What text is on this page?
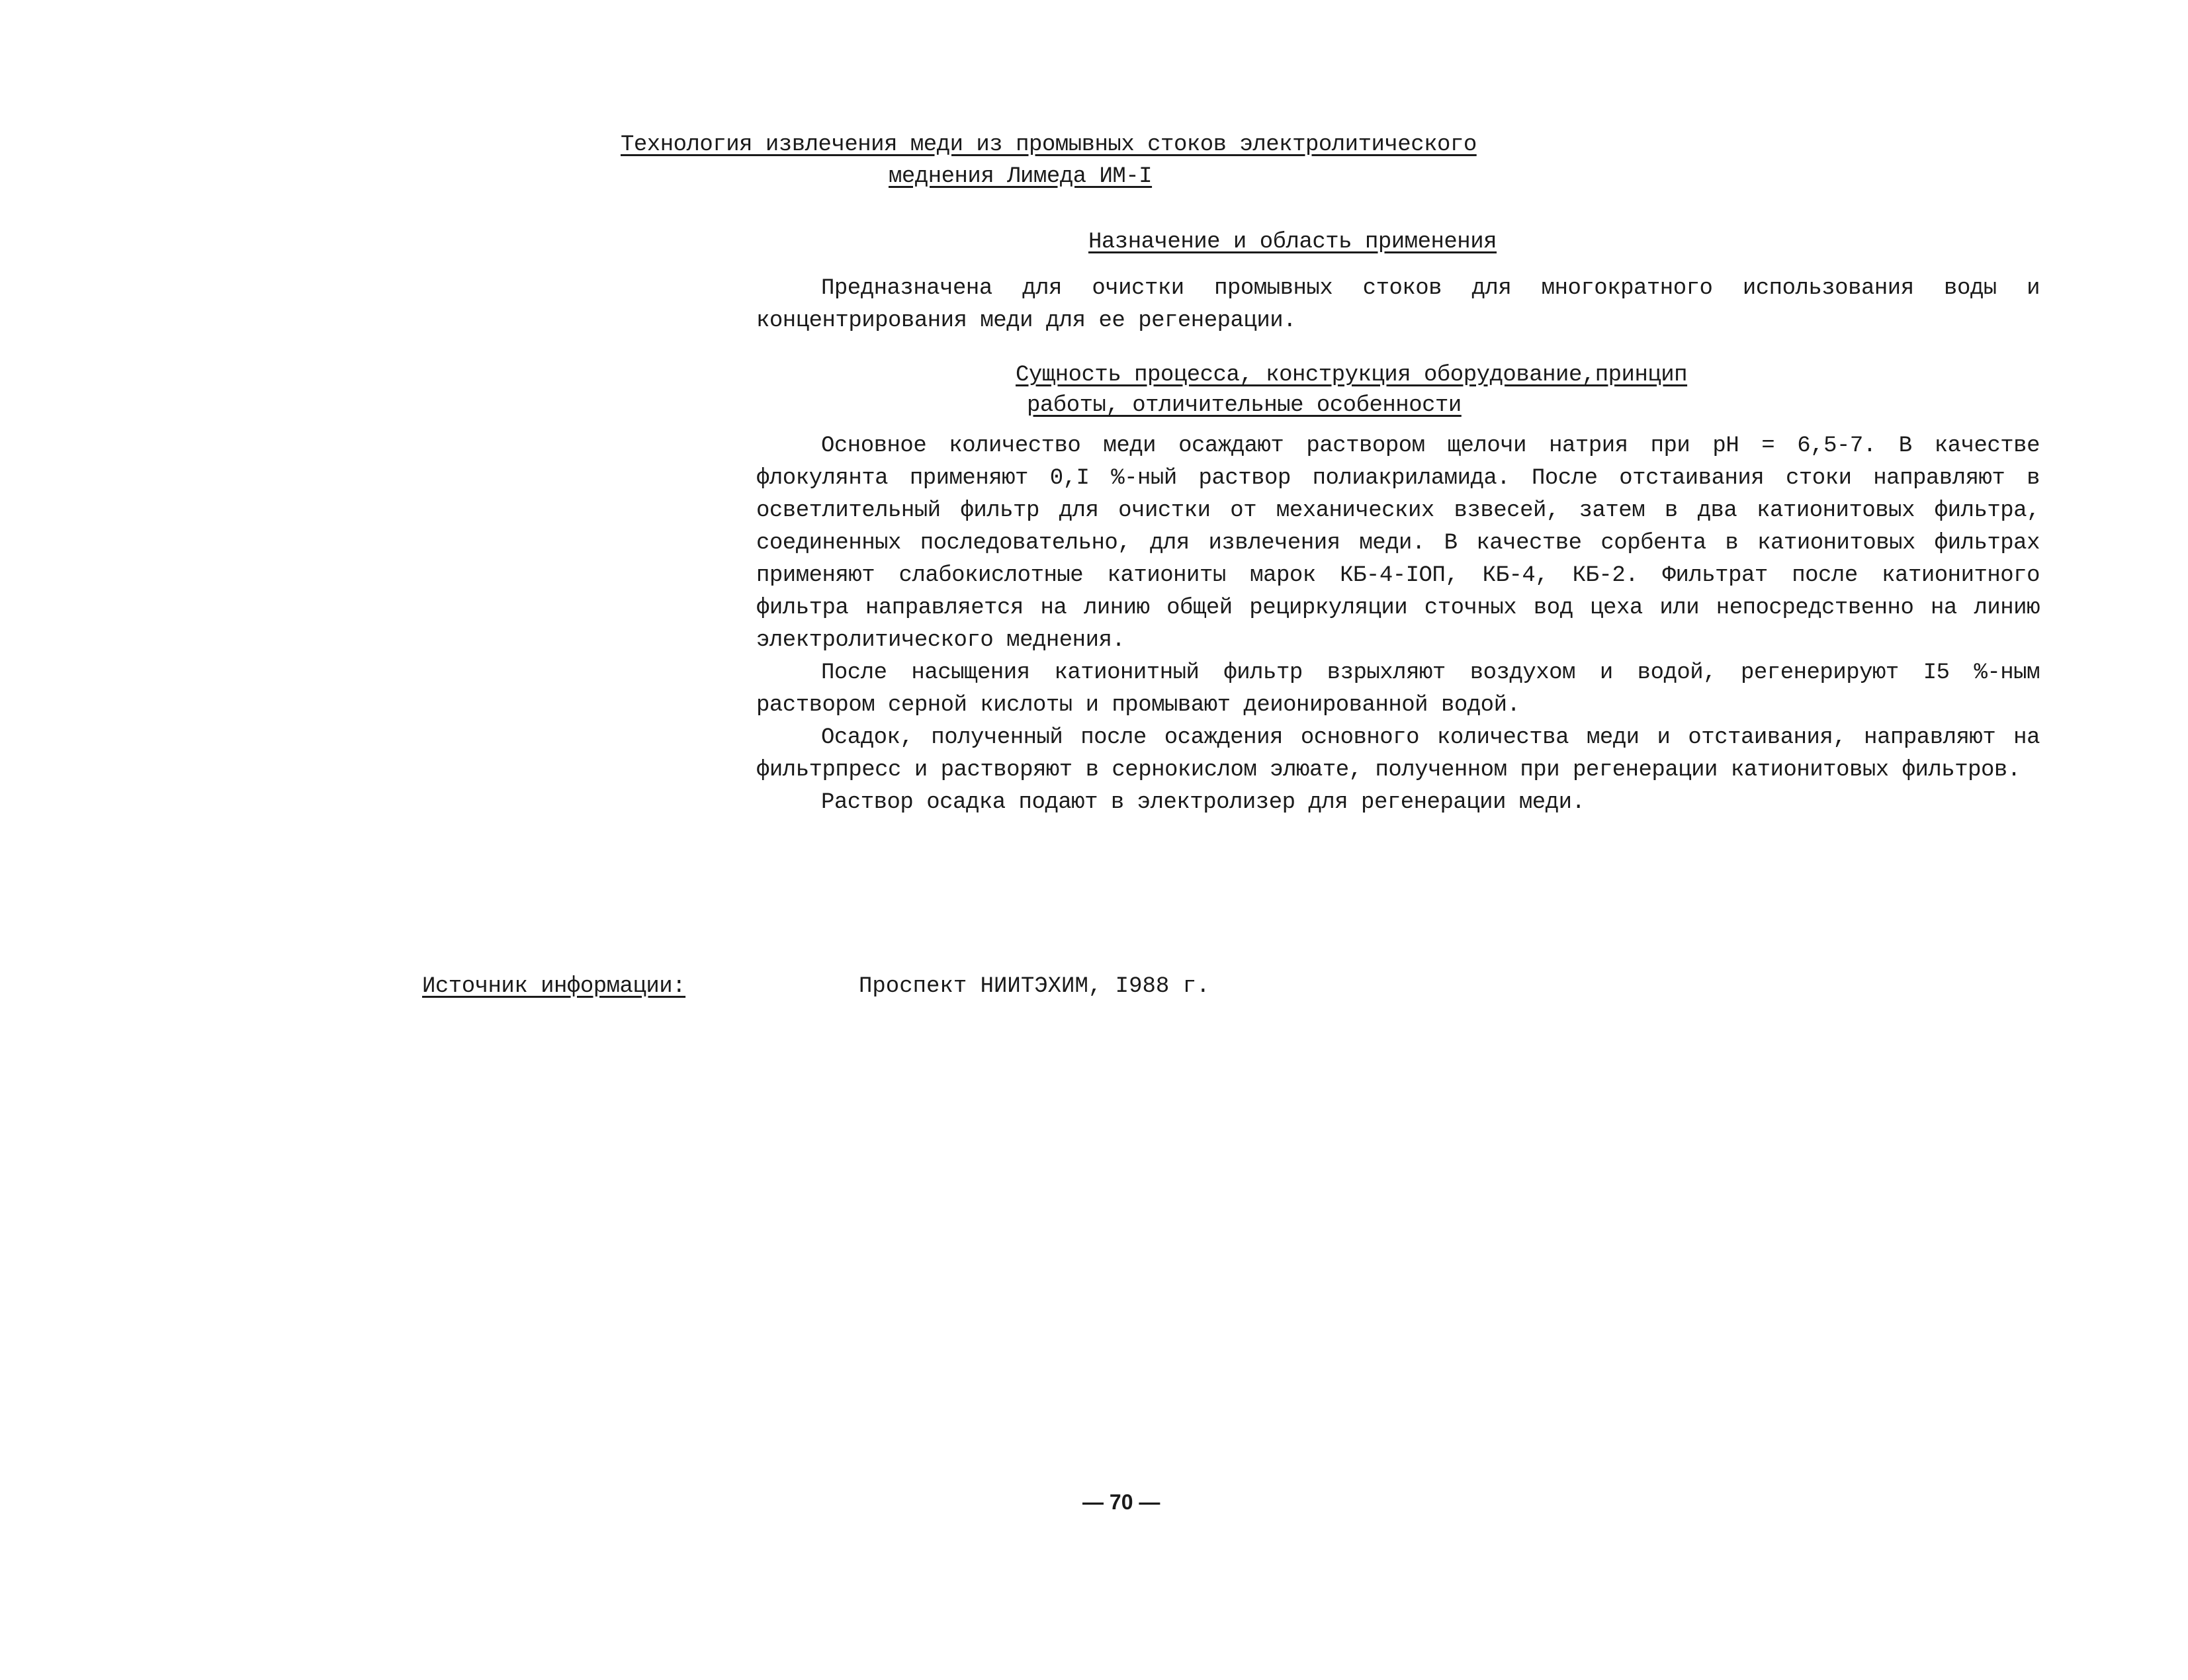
Технология извлечения меди из промывных стоков электролитического
меднения Лимеда ИМ-I
Назначение и область применения

Предназначена для очистки промывных стоков для многократного использования воды и концентрирования меди для ее регенерации.

Сущность процесса, конструкция оборудование,принцип
работы, отличительные особенности

Основное количество меди осаждают раствором щелочи натрия при pH = 6,5-7. В качестве флокулянта применяют 0,I %-ный раствор полиакриламида. После отстаивания стоки направляют в осветлительный фильтр для очистки от механических взвесей, затем в два катионитовых фильтра, соединенных последовательно, для извлечения меди. В качестве сорбента в катионитовых фильтрах применяют слабокислотные катиониты марок КБ-4-IОП, КБ-4, КБ-2. Фильтрат после катионитного фильтра направляется на линию общей рециркуляции сточных вод цеха или непосредственно на линию электролитического меднения.

После насыщения катионитный фильтр взрыхляют воздухом и водой, регенерируют I5 %-ным раствором серной кислоты и промывают деионированной водой.

Осадок, полученный после осаждения основного количества меди и отстаивания, направляют на фильтрпресс и растворяют в сернокислом элюате, полученном при регенерации катионитовых фильтров.

Раствор осадка подают в электролизер для регенерации меди.

Источник информации:	Проспект НИИТЭХИМ, I988 г.
— 70 —
